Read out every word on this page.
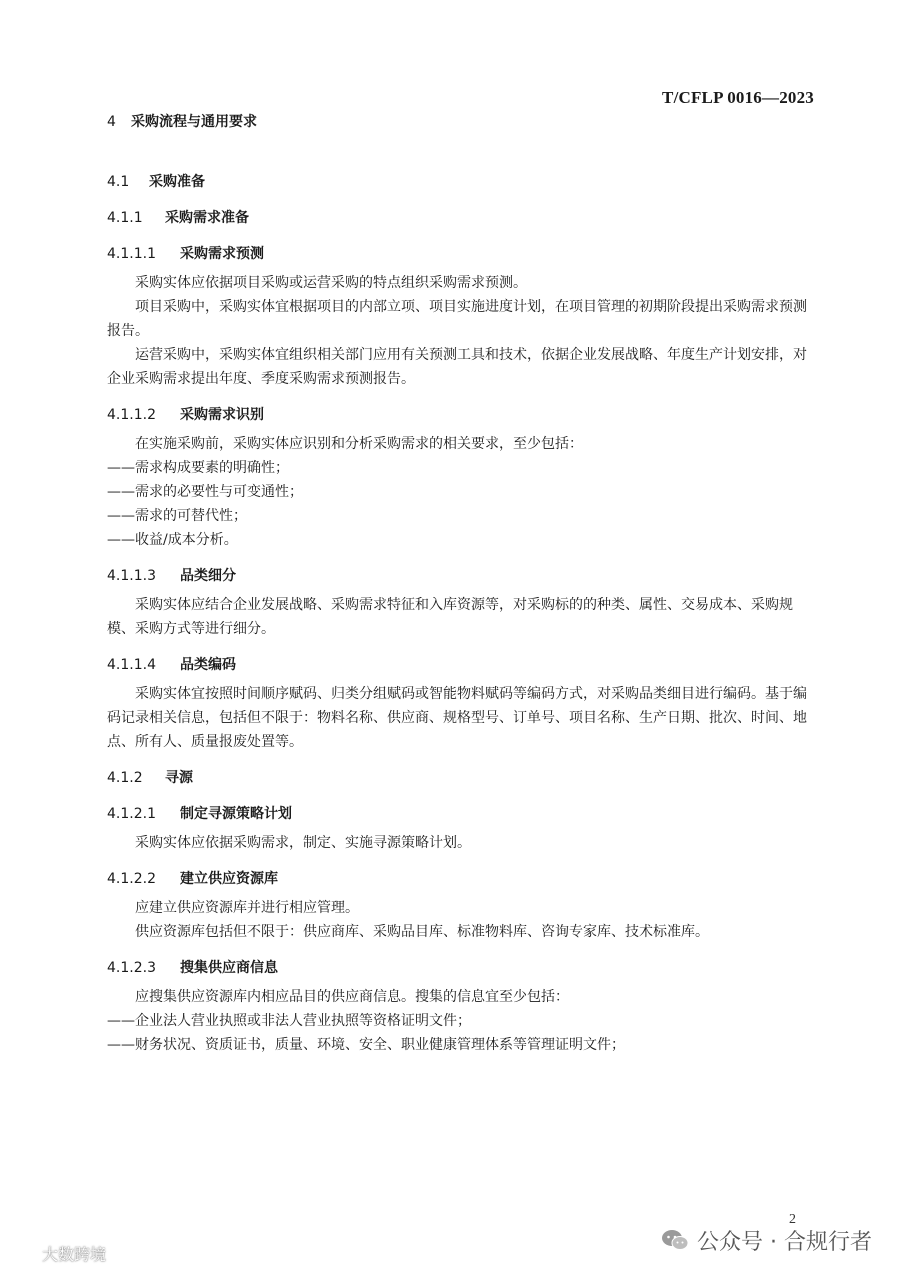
T/CFLP 0016—2023
4 采购流程与通用要求
4.1 采购准备
4.1.1 采购需求准备
4.1.1.1 采购需求预测

采购实体应依据项目采购或运营采购的特点组织采购需求预测。

项目采购中，采购实体宜根据项目的内部立项、项目实施进度计划，在项目管理的初期阶段提出采购需求预测报告。

运营采购中，采购实体宜组织相关部门应用有关预测工具和技术，依据企业发展战略、年度生产计划安排，对企业采购需求提出年度、季度采购需求预测报告。

4.1.1.2 采购需求识别

在实施采购前，采购实体应识别和分析采购需求的相关要求，至少包括：

——需求构成要素的明确性；

——需求的必要性与可变通性；

——需求的可替代性；

——收益/成本分析。

4.1.1.3 品类细分

采购实体应结合企业发展战略、采购需求特征和入库资源等，对采购标的的种类、属性、交易成本、采购规模、采购方式等进行细分。

4.1.1.4 品类编码

采购实体宜按照时间顺序赋码、归类分组赋码或智能物料赋码等编码方式，对采购品类细目进行编码。基于编码记录相关信息，包括但不限于：物料名称、供应商、规格型号、订单号、项目名称、生产日期、批次、时间、地点、所有人、质量报废处置等。

4.1.2 寻源
4.1.2.1 制定寻源策略计划

采购实体应依据采购需求，制定、实施寻源策略计划。

4.1.2.2 建立供应资源库

应建立供应资源库并进行相应管理。

供应资源库包括但不限于：供应商库、采购品目库、标准物料库、咨询专家库、技术标准库。

4.1.2.3 搜集供应商信息

应搜集供应资源库内相应品目的供应商信息。搜集的信息宜至少包括：

——企业法人营业执照或非法人营业执照等资格证明文件；

——财务状况、资质证书，质量、环境、安全、职业健康管理体系等管理证明文件；

2
公众号 · 合规行者
大数跨境
